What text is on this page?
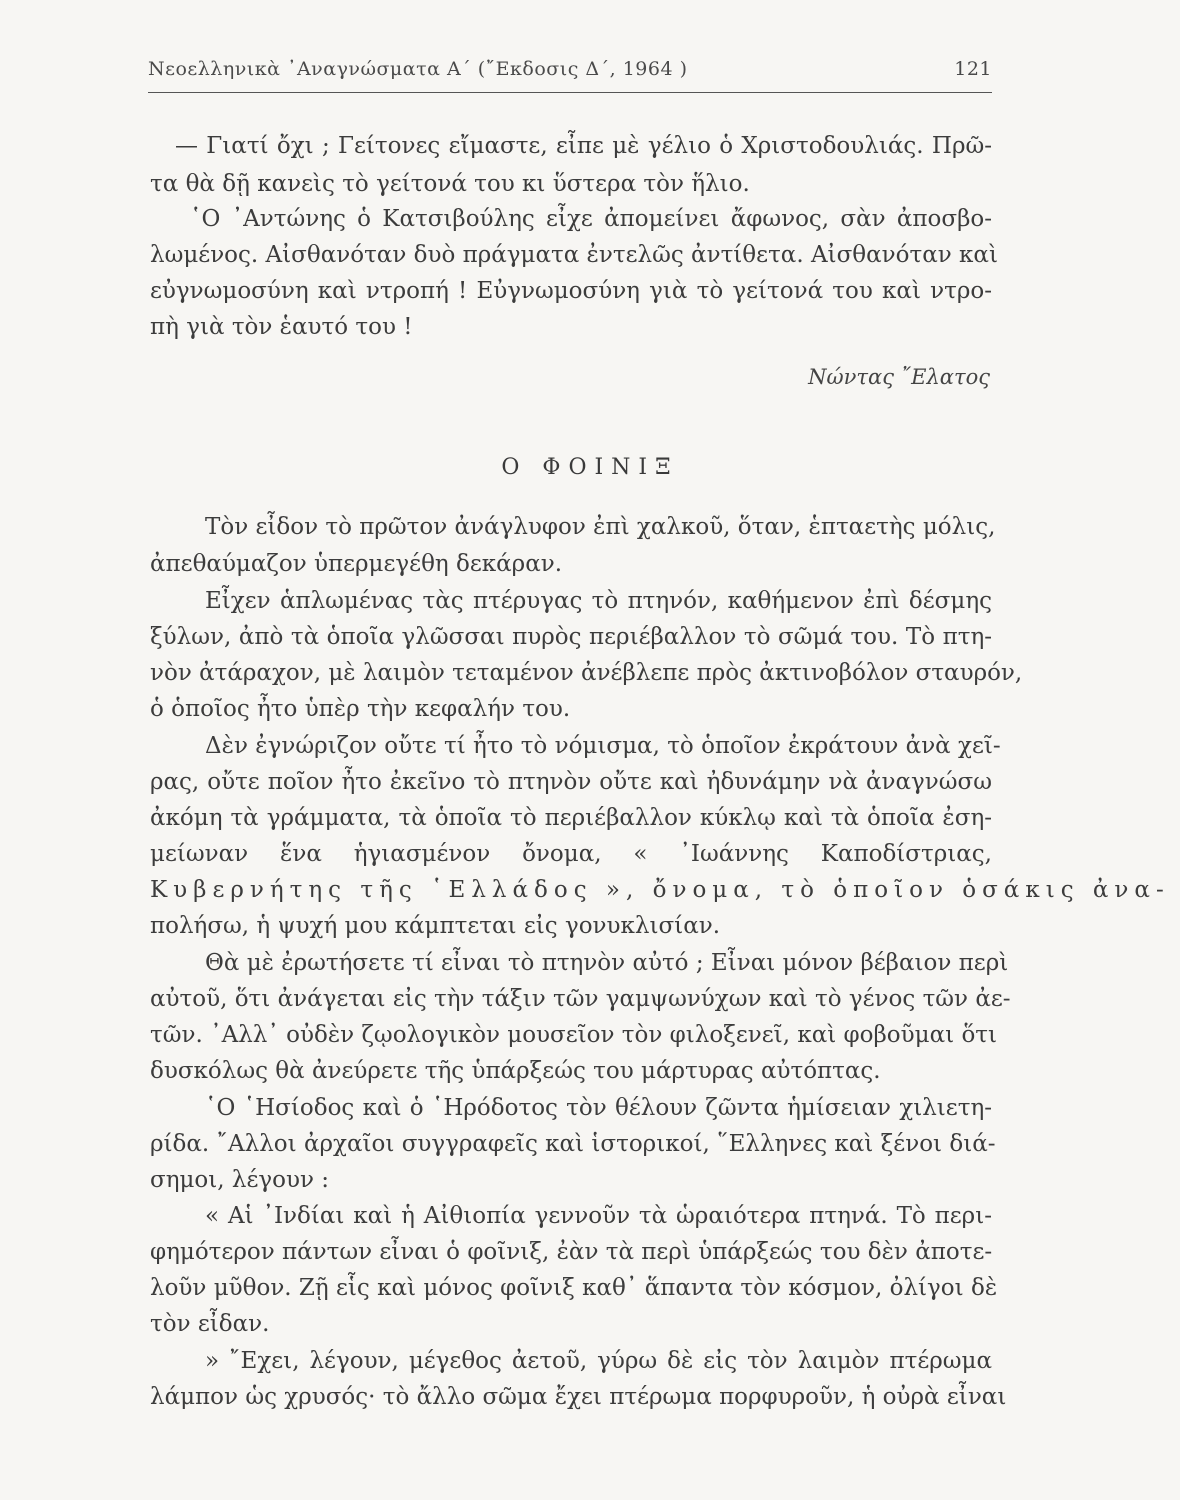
Νεοελληνικὰ ᾿Αναγνώσματα Α΄ (῎Εκδοσις Δ΄, 1964 )	121
— Γιατί ὄχι ; Γείτονες εἴμαστε, εἶπε μὲ γέλιο ὁ Χριστοδουλιάς. Πρῶ-
τα θὰ δῇ κανεὶς τὸ γείτονά του κι ὕστερα τὸν ἥλιο.
῾Ο ᾿Αντώνης ὁ Κατσιβούλης εἶχε ἀπομείνει ἄφωνος, σὰν ἀποσβο-
λωμένος. Αἰσθανόταν δυὸ πράγματα ἐντελῶς ἀντίθετα. Αἰσθανόταν καὶ
εὐγνωμοσύνη καὶ ντροπή ! Εὐγνωμοσύνη γιὰ τὸ γείτονά του καὶ ντρο-
πὴ γιὰ τὸν ἑαυτό του !
Νώντας ῎Ελατος
Ο ΦΟΙΝΙΞ
Τὸν εἶδον τὸ πρῶτον ἀνάγλυφον ἐπὶ χαλκοῦ, ὅταν, ἑπταετὴς μόλις,
ἀπεθαύμαζον ὑπερμεγέθη δεκάραν.
Εἶχεν ἁπλωμένας τὰς πτέρυγας τὸ πτηνόν, καθήμενον ἐπὶ δέσμης
ξύλων, ἀπὸ τὰ ὁποῖα γλῶσσαι πυρὸς περιέβαλλον τὸ σῶμά του. Τὸ πτη-
νὸν ἀτάραχον, μὲ λαιμὸν τεταμένον ἀνέβλεπε πρὸς ἀκτινοβόλον σταυρόν,
ὁ ὁποῖος ἦτο ὑπὲρ τὴν κεφαλήν του.
Δὲν ἐγνώριζον οὔτε τί ἦτο τὸ νόμισμα, τὸ ὁποῖον ἐκράτουν ἀνὰ χεῖ-
ρας, οὔτε ποῖον ἦτο ἐκεῖνο τὸ πτηνὸν οὔτε καὶ ἠδυνάμην νὰ ἀναγνώσω
ἀκόμη τὰ γράμματα, τὰ ὁποῖα τὸ περιέβαλλον κύκλῳ καὶ τὰ ὁποῖα ἐση-
μείωναν ἕνα ἡγιασμένον ὄνομα, « ᾿Ιωάννης Καποδίστριας,
Κυβερνήτης τῆς ῾Ελλάδος », ὄνομα, τὸ ὁποῖον ὁσάκις ἀνα-
πολήσω, ἡ ψυχή μου κάμπτεται εἰς γονυκλισίαν.
Θὰ μὲ ἐρωτήσετε τί εἶναι τὸ πτηνὸν αὐτό ; Εἶναι μόνον βέβαιον περὶ
αὐτοῦ, ὅτι ἀνάγεται εἰς τὴν τάξιν τῶν γαμψωνύχων καὶ τὸ γένος τῶν ἀε-
τῶν. ᾿Αλλ᾿ οὐδὲν ζῳολογικὸν μουσεῖον τὸν φιλοξενεῖ, καὶ φοβοῦμαι ὅτι
δυσκόλως θὰ ἀνεύρετε τῆς ὑπάρξεώς του μάρτυρας αὐτόπτας.
῾Ο ῾Ησίοδος καὶ ὁ ῾Ηρόδοτος τὸν θέλουν ζῶντα ἡμίσειαν χιλιετη-
ρίδα. ῎Αλλοι ἀρχαῖοι συγγραφεῖς καὶ ἱστορικοί, ῞Ελληνες καὶ ξένοι διά-
σημοι, λέγουν :
« Αἱ ᾿Ινδίαι καὶ ἡ Αἰθιοπία γεννοῦν τὰ ὡραιότερα πτηνά. Τὸ περι-
φημότερον πάντων εἶναι ὁ φοῖνιξ, ἐὰν τὰ περὶ ὑπάρξεώς του δὲν ἀποτε-
λοῦν μῦθον. Ζῇ εἷς καὶ μόνος φοῖνιξ καθ᾿ ἅπαντα τὸν κόσμον, ὀλίγοι δὲ
τὸν εἶδαν.
» ῎Εχει, λέγουν, μέγεθος ἀετοῦ, γύρω δὲ εἰς τὸν λαιμὸν πτέρωμα
λάμπον ὡς χρυσός· τὸ ἄλλο σῶμα ἔχει πτέρωμα πορφυροῦν, ἡ οὐρὰ εἶναι
